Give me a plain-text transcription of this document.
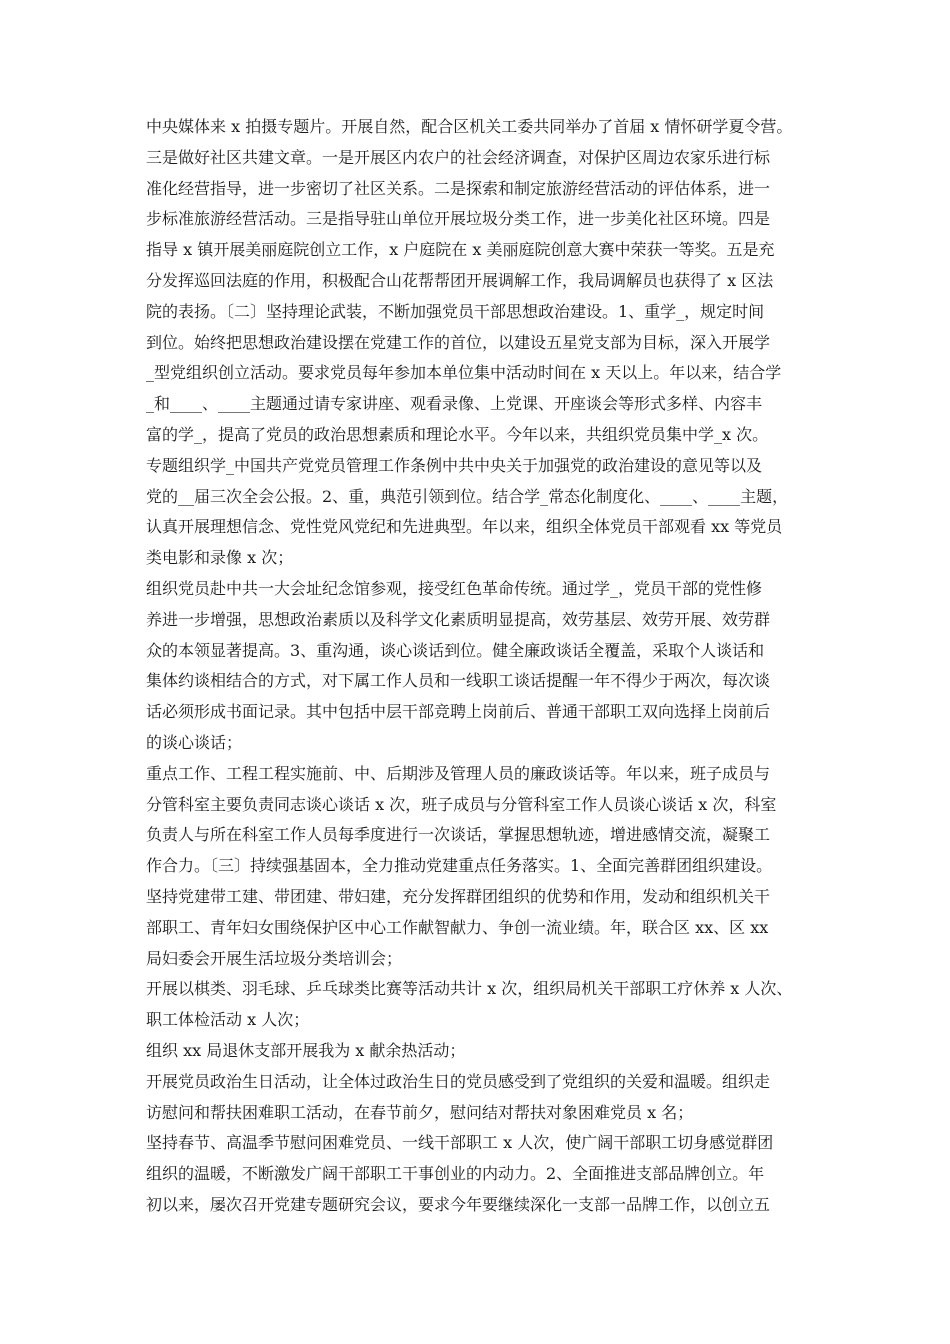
中央媒体来 x 拍摄专题片。开展自然，配合区机关工委共同举办了首届 x 情怀研学夏令营。
三是做好社区共建文章。一是开展区内农户的社会经济调查，对保护区周边农家乐进行标
准化经营指导，进一步密切了社区关系。二是探索和制定旅游经营活动的评估体系，进一
步标准旅游经营活动。三是指导驻山单位开展垃圾分类工作，进一步美化社区环境。四是
指导 x 镇开展美丽庭院创立工作，x 户庭院在 x 美丽庭院创意大赛中荣获一等奖。五是充
分发挥巡回法庭的作用，积极配合山花帮帮团开展调解工作，我局调解员也获得了 x 区法
院的表扬。〔二〕坚持理论武装，不断加强党员干部思想政治建设。1、重学_，规定时间
到位。始终把思想政治建设摆在党建工作的首位，以建设五星党支部为目标，深入开展学
_型党组织创立活动。要求党员每年参加本单位集中活动时间在 x 天以上。年以来，结合学
_和____、____主题通过请专家讲座、观看录像、上党课、开座谈会等形式多样、内容丰
富的学_，提高了党员的政治思想素质和理论水平。今年以来，共组织党员集中学_x 次。
专题组织学_中国共产党党员管理工作条例中共中央关于加强党的政治建设的意见等以及
党的__届三次全会公报。2、重，典范引领到位。结合学_常态化制度化、____、____主题，
认真开展理想信念、党性党风党纪和先进典型。年以来，组织全体党员干部观看 xx 等党员
类电影和录像 x 次；
组织党员赴中共一大会址纪念馆参观，接受红色革命传统。通过学_，党员干部的党性修
养进一步增强，思想政治素质以及科学文化素质明显提高，效劳基层、效劳开展、效劳群
众的本领显著提高。3、重沟通，谈心谈话到位。健全廉政谈话全覆盖，采取个人谈话和
集体约谈相结合的方式，对下属工作人员和一线职工谈话提醒一年不得少于两次，每次谈
话必须形成书面记录。其中包括中层干部竞聘上岗前后、普通干部职工双向选择上岗前后
的谈心谈话；
重点工作、工程工程实施前、中、后期涉及管理人员的廉政谈话等。年以来，班子成员与
分管科室主要负责同志谈心谈话 x 次，班子成员与分管科室工作人员谈心谈话 x 次，科室
负责人与所在科室工作人员每季度进行一次谈话，掌握思想轨迹，增进感情交流，凝聚工
作合力。〔三〕持续强基固本，全力推动党建重点任务落实。1、全面完善群团组织建设。
坚持党建带工建、带团建、带妇建，充分发挥群团组织的优势和作用，发动和组织机关干
部职工、青年妇女围绕保护区中心工作献智献力、争创一流业绩。年，联合区 xx、区 xx
局妇委会开展生活垃圾分类培训会；
开展以棋类、羽毛球、乒乓球类比赛等活动共计 x 次，组织局机关干部职工疗休养 x 人次、
职工体检活动 x 人次；
组织 xx 局退休支部开展我为 x 献余热活动；
开展党员政治生日活动，让全体过政治生日的党员感受到了党组织的关爱和温暖。组织走
访慰问和帮扶困难职工活动，在春节前夕，慰问结对帮扶对象困难党员 x 名；
坚持春节、高温季节慰问困难党员、一线干部职工 x 人次，使广阔干部职工切身感觉群团
组织的温暖，不断激发广阔干部职工干事创业的内动力。2、全面推进支部品牌创立。年
初以来，屡次召开党建专题研究会议，要求今年要继续深化一支部一品牌工作，以创立五
